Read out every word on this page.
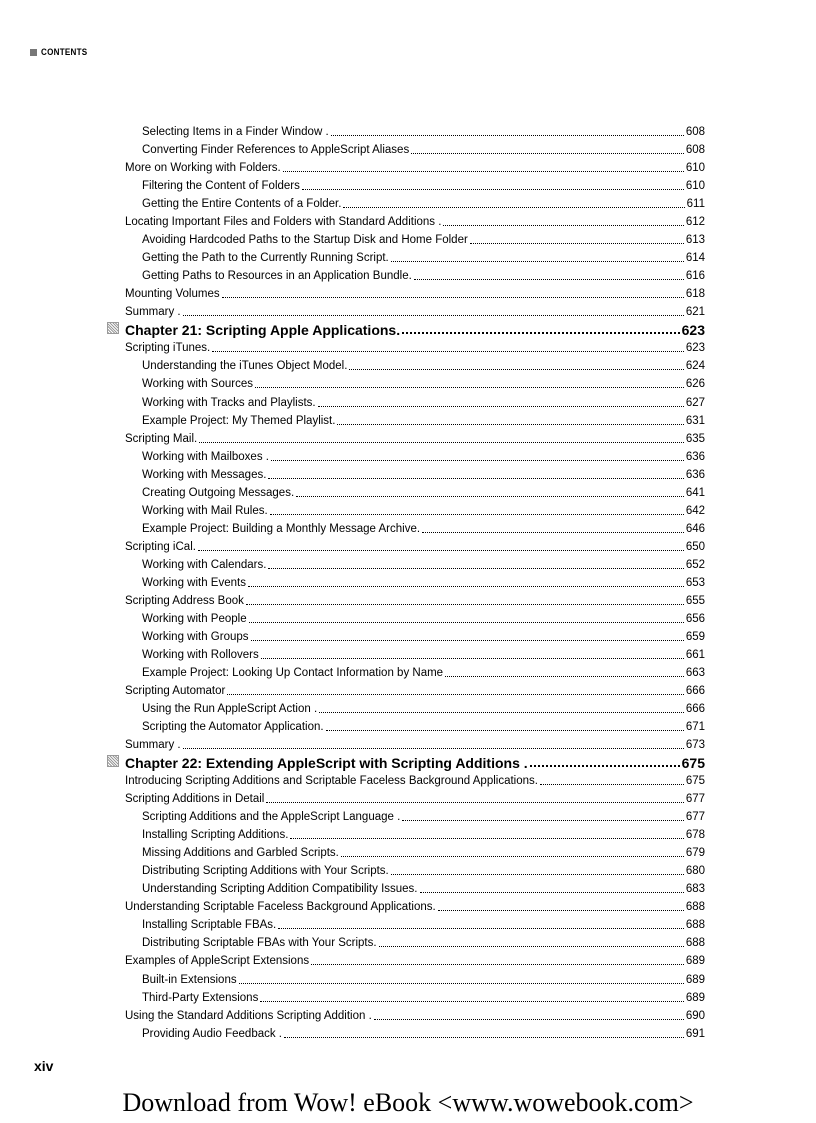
CONTENTS
Selecting Items in a Finder Window .	608
Converting Finder References to AppleScript Aliases	608
More on Working with Folders.	610
Filtering the Content of Folders	610
Getting the Entire Contents of a Folder.	611
Locating Important Files and Folders with Standard Additions .	612
Avoiding Hardcoded Paths to the Startup Disk and Home Folder	613
Getting the Path to the Currently Running Script.	614
Getting Paths to Resources in an Application Bundle.	616
Mounting Volumes	618
Summary .	621
Chapter 21: Scripting Apple Applications.	623
Scripting iTunes.	623
Understanding the iTunes Object Model.	624
Working with Sources	626
Working with Tracks and Playlists.	627
Example Project: My Themed Playlist.	631
Scripting Mail.	635
Working with Mailboxes .	636
Working with Messages.	636
Creating Outgoing Messages.	641
Working with Mail Rules.	642
Example Project: Building a Monthly Message Archive.	646
Scripting iCal.	650
Working with Calendars.	652
Working with Events	653
Scripting Address Book	655
Working with People	656
Working with Groups	659
Working with Rollovers	661
Example Project: Looking Up Contact Information by Name	663
Scripting Automator	666
Using the Run AppleScript Action .	666
Scripting the Automator Application.	671
Summary .	673
Chapter 22: Extending AppleScript with Scripting Additions .	675
Introducing Scripting Additions and Scriptable Faceless Background Applications.	675
Scripting Additions in Detail	677
Scripting Additions and the AppleScript Language .	677
Installing Scripting Additions.	678
Missing Additions and Garbled Scripts.	679
Distributing Scripting Additions with Your Scripts.	680
Understanding Scripting Addition Compatibility Issues.	683
Understanding Scriptable Faceless Background Applications.	688
Installing Scriptable FBAs.	688
Distributing Scriptable FBAs with Your Scripts.	688
Examples of AppleScript Extensions	689
Built-in Extensions	689
Third-Party Extensions	689
Using the Standard Additions Scripting Addition .	690
Providing Audio Feedback .	691
xiv
Download from Wow! eBook <www.wowebook.com>
